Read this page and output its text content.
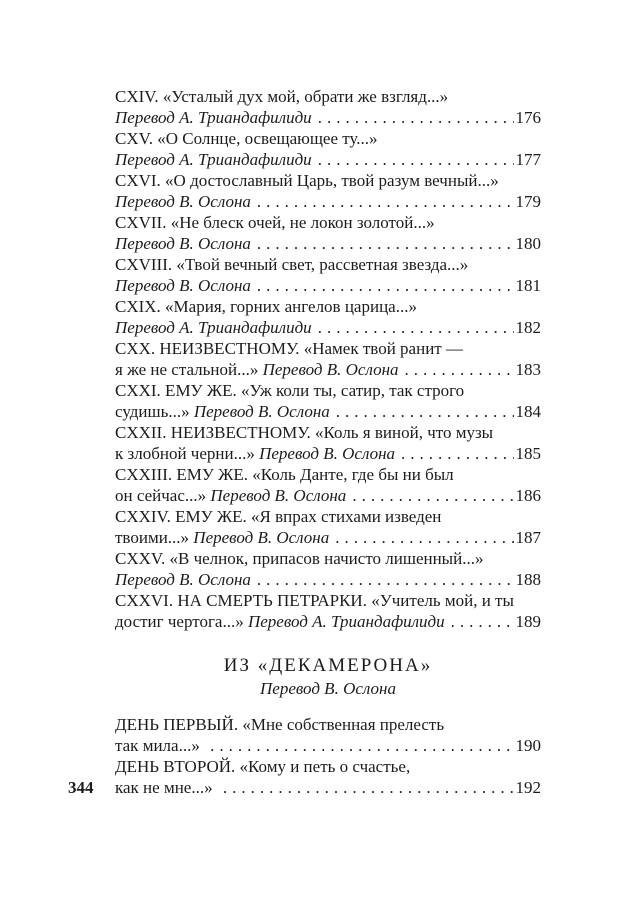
CXIV. «Усталый дух мой, обрати же взгляд...»
Перевод А. Триандафилиди .....	176
CXV. «О Солнце, освещающее ту...»
Перевод А. Триандафилиди .....	177
CXVI. «О достославный Царь, твой разум вечный...»
Перевод В. Ослона .....	179
CXVII. «Не блеск очей, не локон золотой...»
Перевод В. Ослона .....	180
CXVIII. «Твой вечный свет, рассветная звезда...»
Перевод В. Ослона .....	181
CXIX. «Мария, горних ангелов царица...»
Перевод А. Триандафилиди .....	182
CXX. НЕИЗВЕСТНОМУ. «Намек твой ранит —
я же не стальной...» Перевод В. Ослона .....	183
CXXI. ЕМУ ЖЕ. «Уж коли ты, сатир, так строго
судишь...» Перевод В. Ослона .....	184
CXXII. НЕИЗВЕСТНОМУ. «Коль я виной, что музы
к злобной черни...» Перевод В. Ослона .....	185
CXXIII. ЕМУ ЖЕ. «Коль Данте, где бы ни был
он сейчас...» Перевод В. Ослона .....	186
CXXIV. ЕМУ ЖЕ. «Я впрах стихами изведен
твоими...» Перевод В. Ослона .....	187
CXXV. «В челнок, припасов начисто лишенный...»
Перевод В. Ослона .....	188
CXXVI. НА СМЕРТЬ ПЕТРАРКИ. «Учитель мой, и ты
достиг чертога...» Перевод А. Триандафилиди .....	189
ИЗ «ДЕКАМЕРОНА»
Перевод В. Ослона
ДЕНЬ ПЕРВЫЙ. «Мне собственная прелесть
так мила...» .....	190
ДЕНЬ ВТОРОЙ. «Кому и петь о счастье,
как не мне...» .....	192
344
